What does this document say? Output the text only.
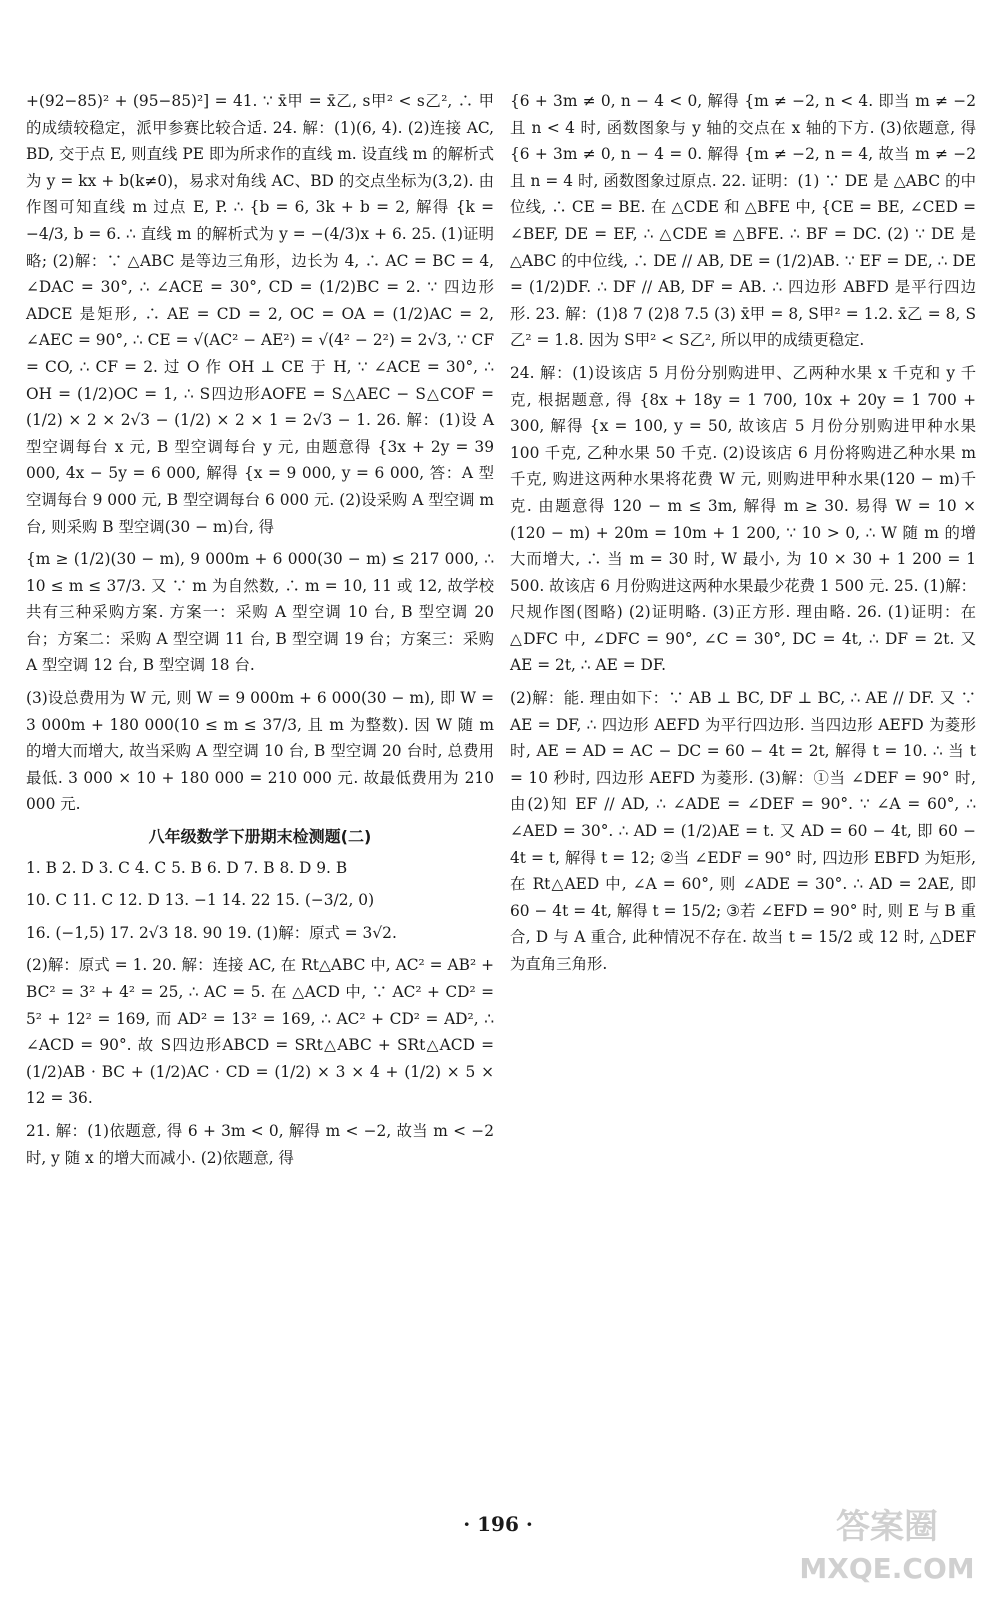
+(92−85)² + (95−85)²] = 41. ∵ x̄甲 = x̄乙, s甲² < s乙², ∴ 甲的成绩较稳定，派甲参赛比较合适. 24. 解：(1)(6, 4). (2)连接 AC, BD, 交于点 E, 则直线 PE 即为所求作的直线 m. 设直线 m 的解析式为 y = kx + b(k≠0)，易求对角线 AC、BD 的交点坐标为(3,2). 由作图可知直线 m 过点 E, P. ∴ {b = 6, 3k + b = 2, 解得 {k = −4/3, b = 6. ∴ 直线 m 的解析式为 y = −(4/3)x + 6. 25. (1)证明略; (2)解：∵ △ABC 是等边三角形，边长为 4, ∴ AC = BC = 4, ∠DAC = 30°, ∴ ∠ACE = 30°, CD = (1/2)BC = 2. ∵ 四边形 ADCE 是矩形, ∴ AE = CD = 2, OC = OA = (1/2)AC = 2, ∠AEC = 90°, ∴ CE = √(AC² − AE²) = √(4² − 2²) = 2√3, ∵ CF = CO, ∴ CF = 2. 过 O 作 OH ⊥ CE 于 H, ∵ ∠ACE = 30°, ∴ OH = (1/2)OC = 1, ∴ S四边形AOFE = S△AEC − S△COF = (1/2) × 2 × 2√3 − (1/2) × 2 × 1 = 2√3 − 1. 26. 解：(1)设 A 型空调每台 x 元, B 型空调每台 y 元, 由题意得 {3x + 2y = 39 000, 4x − 5y = 6 000, 解得 {x = 9 000, y = 6 000, 答：A 型空调每台 9 000 元, B 型空调每台 6 000 元. (2)设采购 A 型空调 m 台, 则采购 B 型空调(30 − m)台, 得

{m ≥ (1/2)(30 − m), 9 000m + 6 000(30 − m) ≤ 217 000, ∴ 10 ≤ m ≤ 37/3. 又 ∵ m 为自然数, ∴ m = 10, 11 或 12, 故学校共有三种采购方案. 方案一：采购 A 型空调 10 台, B 型空调 20 台；方案二：采购 A 型空调 11 台, B 型空调 19 台；方案三：采购 A 型空调 12 台, B 型空调 18 台.

(3)设总费用为 W 元, 则 W = 9 000m + 6 000(30 − m), 即 W = 3 000m + 180 000(10 ≤ m ≤ 37/3, 且 m 为整数). 因 W 随 m 的增大而增大, 故当采购 A 型空调 10 台, B 型空调 20 台时, 总费用最低. 3 000 × 10 + 180 000 = 210 000 元. 故最低费用为 210 000 元.

八年级数学下册期末检测题(二)

1. B 2. D 3. C 4. C 5. B 6. D 7. B 8. D 9. B

10. C 11. C 12. D 13. −1 14. 22 15. (−3/2, 0)

16. (−1,5) 17. 2√3 18. 90 19. (1)解：原式 = 3√2.

(2)解：原式 = 1. 20. 解：连接 AC, 在 Rt△ABC 中, AC² = AB² + BC² = 3² + 4² = 25, ∴ AC = 5. 在 △ACD 中, ∵ AC² + CD² = 5² + 12² = 169, 而 AD² = 13² = 169, ∴ AC² + CD² = AD², ∴ ∠ACD = 90°. 故 S四边形ABCD = SRt△ABC + SRt△ACD = (1/2)AB · BC + (1/2)AC · CD = (1/2) × 3 × 4 + (1/2) × 5 × 12 = 36.

21. 解：(1)依题意, 得 6 + 3m < 0, 解得 m < −2, 故当 m < −2 时, y 随 x 的增大而减小. (2)依题意, 得

{6 + 3m ≠ 0, n − 4 < 0, 解得 {m ≠ −2, n < 4. 即当 m ≠ −2 且 n < 4 时, 函数图象与 y 轴的交点在 x 轴的下方. (3)依题意, 得 {6 + 3m ≠ 0, n − 4 = 0. 解得 {m ≠ −2, n = 4, 故当 m ≠ −2 且 n = 4 时, 函数图象过原点. 22. 证明：(1) ∵ DE 是 △ABC 的中位线, ∴ CE = BE. 在 △CDE 和 △BFE 中, {CE = BE, ∠CED = ∠BEF, DE = EF, ∴ △CDE ≌ △BFE. ∴ BF = DC. (2) ∵ DE 是 △ABC 的中位线, ∴ DE // AB, DE = (1/2)AB. ∵ EF = DE, ∴ DE = (1/2)DF. ∴ DF // AB, DF = AB. ∴ 四边形 ABFD 是平行四边形. 23. 解：(1)8 7 (2)8 7.5 (3) x̄甲 = 8, S甲² = 1.2. x̄乙 = 8, S乙² = 1.8. 因为 S甲² < S乙², 所以甲的成绩更稳定.

24. 解：(1)设该店 5 月份分别购进甲、乙两种水果 x 千克和 y 千克, 根据题意, 得 {8x + 18y = 1 700, 10x + 20y = 1 700 + 300, 解得 {x = 100, y = 50, 故该店 5 月份分别购进甲种水果 100 千克, 乙种水果 50 千克. (2)设该店 6 月份将购进乙种水果 m 千克, 购进这两种水果将花费 W 元, 则购进甲种水果(120 − m)千克. 由题意得 120 − m ≤ 3m, 解得 m ≥ 30. 易得 W = 10 × (120 − m) + 20m = 10m + 1 200, ∵ 10 > 0, ∴ W 随 m 的增大而增大, ∴ 当 m = 30 时, W 最小, 为 10 × 30 + 1 200 = 1 500. 故该店 6 月份购进这两种水果最少花费 1 500 元. 25. (1)解：尺规作图(图略) (2)证明略. (3)正方形. 理由略. 26. (1)证明：在 △DFC 中, ∠DFC = 90°, ∠C = 30°, DC = 4t, ∴ DF = 2t. 又 AE = 2t, ∴ AE = DF.

(2)解：能. 理由如下：∵ AB ⊥ BC, DF ⊥ BC, ∴ AE // DF. 又 ∵ AE = DF, ∴ 四边形 AEFD 为平行四边形. 当四边形 AEFD 为菱形时, AE = AD = AC − DC = 60 − 4t = 2t, 解得 t = 10. ∴ 当 t = 10 秒时, 四边形 AEFD 为菱形. (3)解：①当 ∠DEF = 90° 时, 由(2)知 EF // AD, ∴ ∠ADE = ∠DEF = 90°. ∵ ∠A = 60°, ∴ ∠AED = 30°. ∴ AD = (1/2)AE = t. 又 AD = 60 − 4t, 即 60 − 4t = t, 解得 t = 12; ②当 ∠EDF = 90° 时, 四边形 EBFD 为矩形, 在 Rt△AED 中, ∠A = 60°, 则 ∠ADE = 30°. ∴ AD = 2AE, 即 60 − 4t = 4t, 解得 t = 15/2; ③若 ∠EFD = 90° 时, 则 E 与 B 重合, D 与 A 重合, 此种情况不存在. 故当 t = 15/2 或 12 时, △DEF 为直角三角形.

· 196 ·	答案圈
MXQE.COM
